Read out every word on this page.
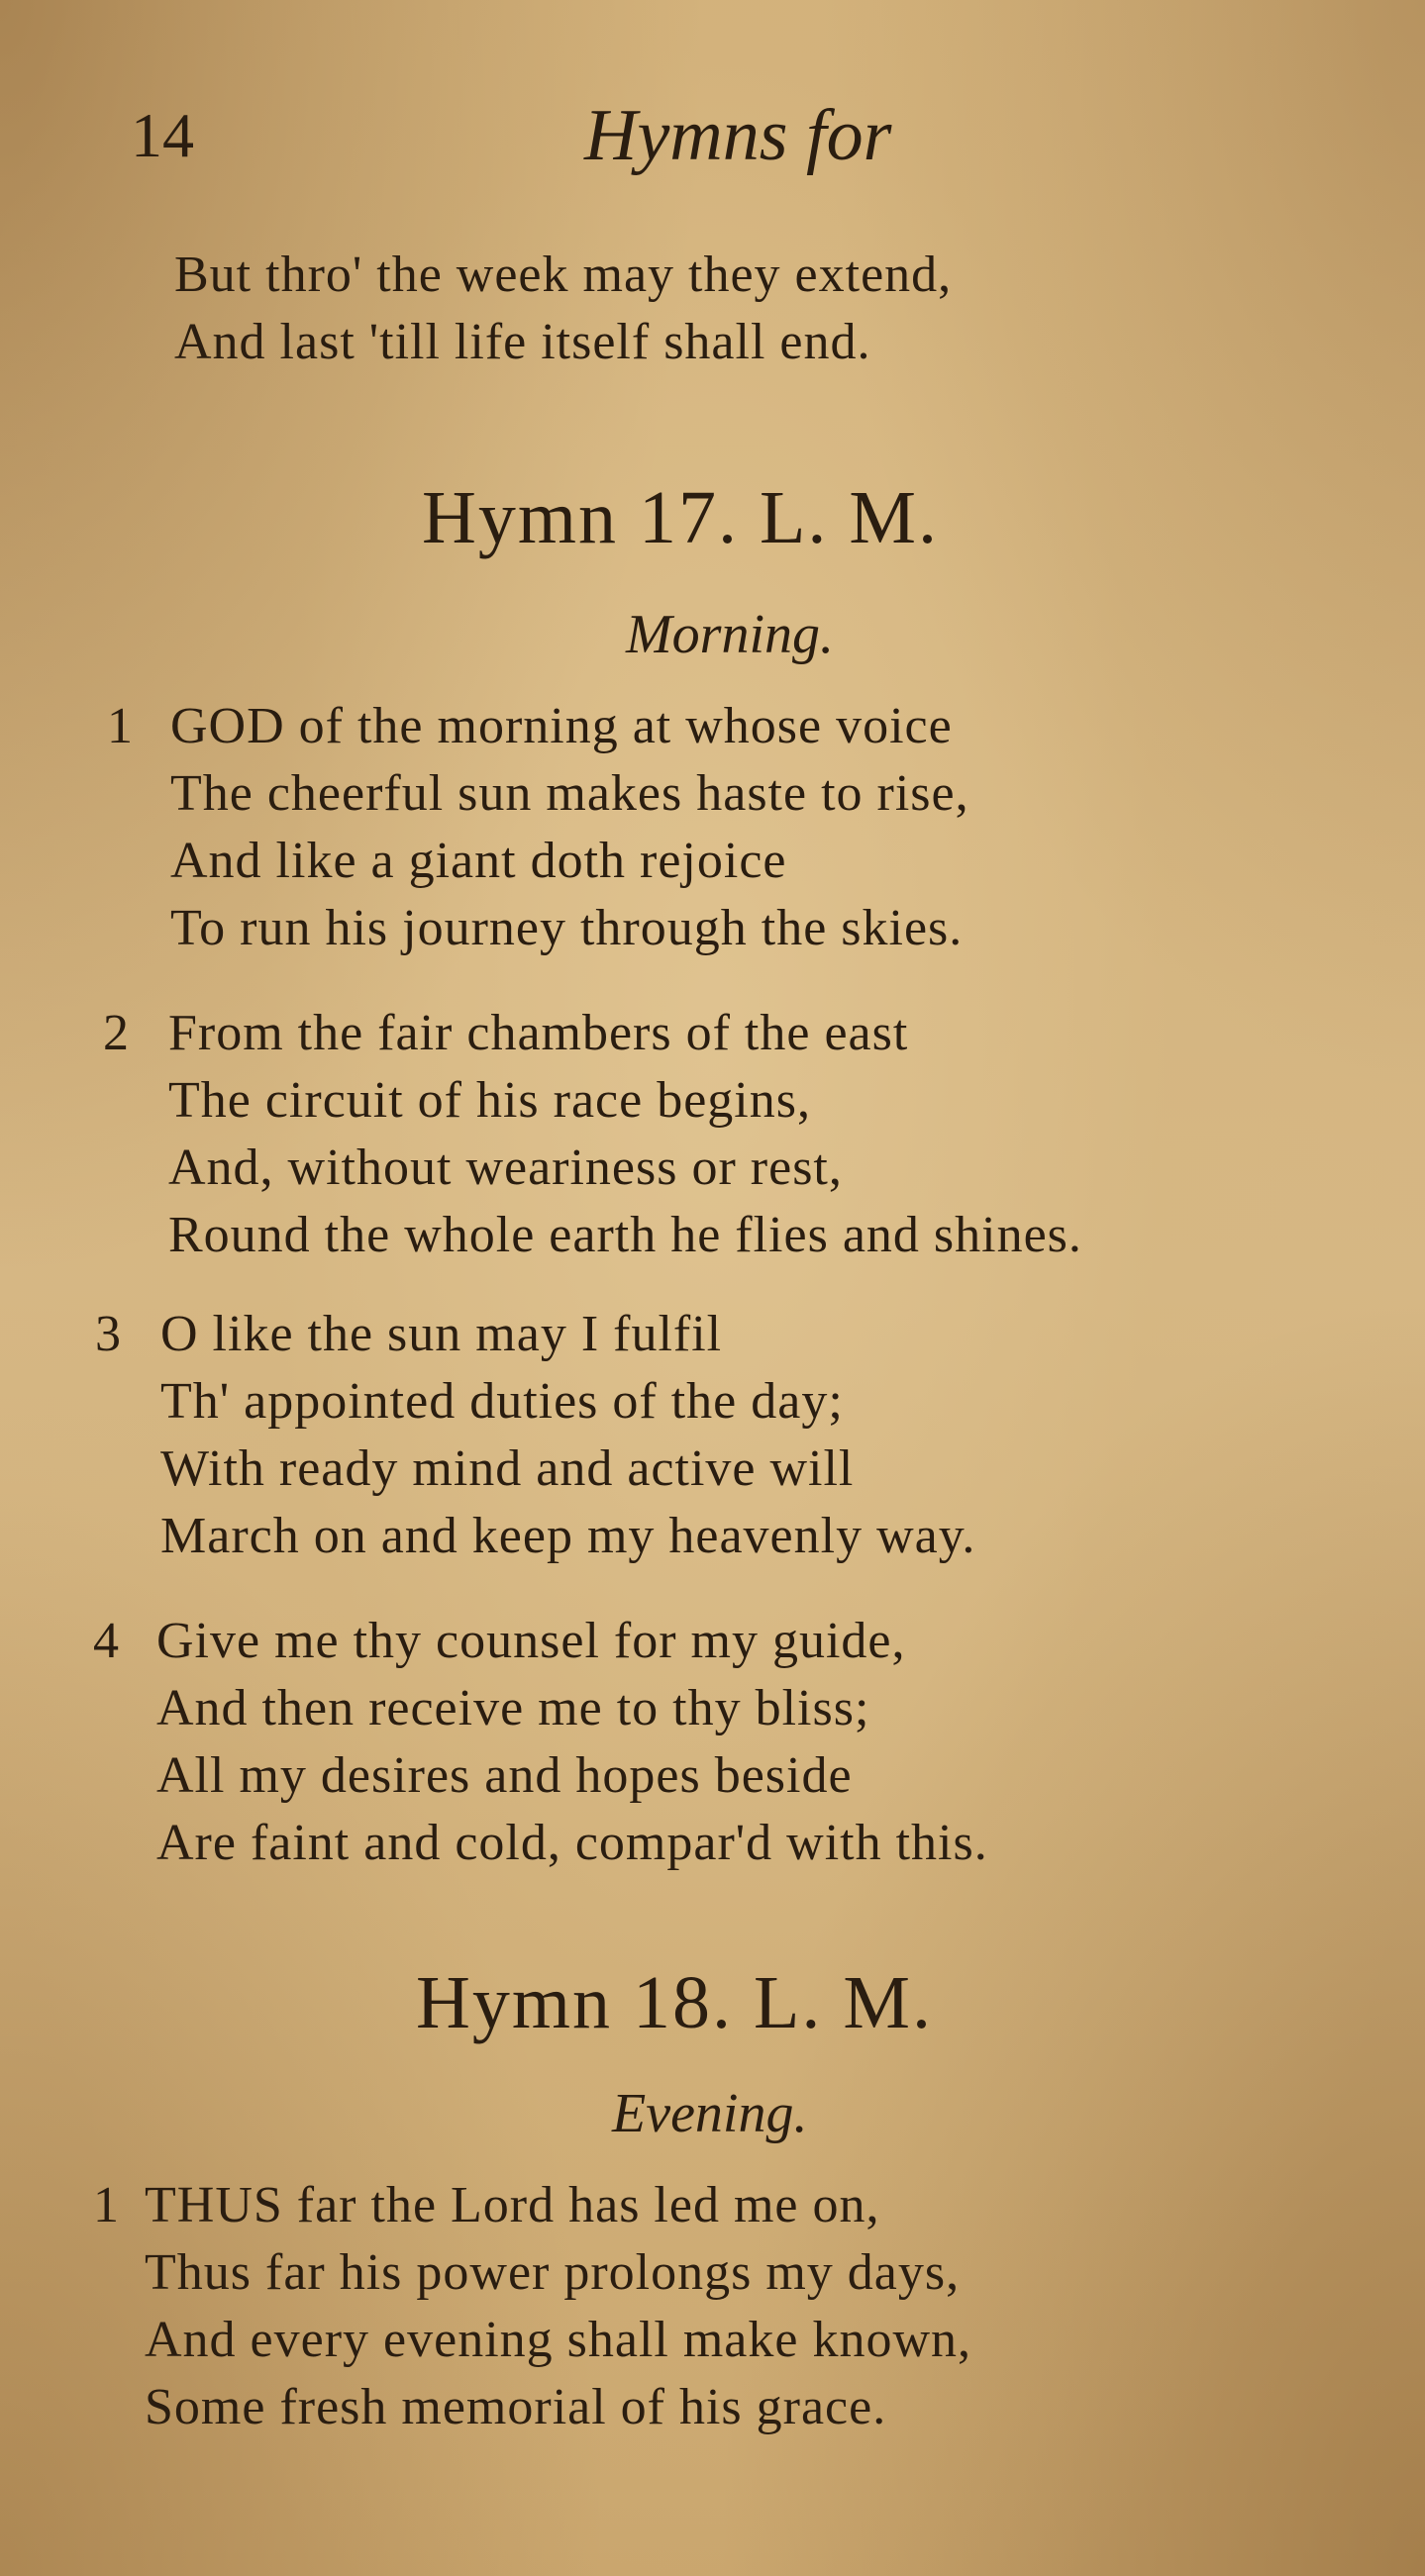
14	Hymns for
But thro' the week may they extend,
And last 'till life itself shall end.
Hymn 17. L. M.
Morning.
1 GOD of the morning at whose voice
The cheerful sun makes haste to rise,
And like a giant doth rejoice
To run his journey through the skies.
2 From the fair chambers of the east
The circuit of his race begins,
And, without weariness or rest,
Round the whole earth he flies and shines.
3 O like the sun may I fulfil
Th' appointed duties of the day;
With ready mind and active will
March on and keep my heavenly way.
4 Give me thy counsel for my guide,
And then receive me to thy bliss;
All my desires and hopes beside
Are faint and cold, compar'd with this.
Hymn 18. L. M.
Evening.
1 THUS far the Lord has led me on,
Thus far his power prolongs my days,
And every evening shall make known,
Some fresh memorial of his grace.
